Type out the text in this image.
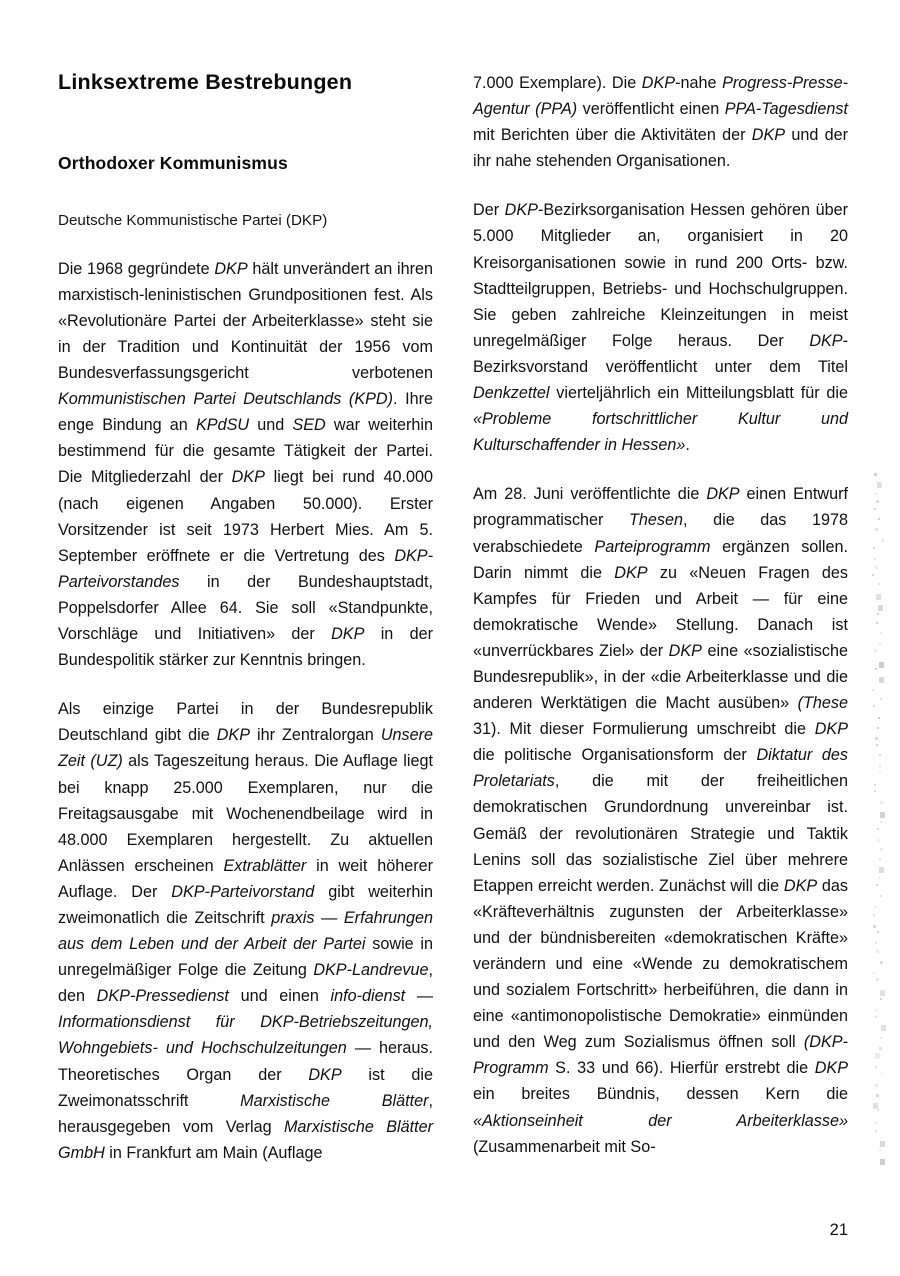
Linksextreme Bestrebungen
Orthodoxer Kommunismus
Deutsche Kommunistische Partei (DKP)

Die 1968 gegründete DKP hält unverändert an ihren marxistisch-leninistischen Grundpositionen fest. Als «Revolutionäre Partei der Arbeiterklasse» steht sie in der Tradition und Kontinuität der 1956 vom Bundesverfassungsgericht verbotenen Kommunistischen Partei Deutschlands (KPD). Ihre enge Bindung an KPdSU und SED war weiterhin bestimmend für die gesamte Tätigkeit der Partei. Die Mitgliederzahl der DKP liegt bei rund 40.000 (nach eigenen Angaben 50.000). Erster Vorsitzender ist seit 1973 Herbert Mies. Am 5. September eröffnete er die Vertretung des DKP-Parteivorstandes in der Bundeshauptstadt, Poppelsdorfer Allee 64. Sie soll «Standpunkte, Vorschläge und Initiativen» der DKP in der Bundespolitik stärker zur Kenntnis bringen.

Als einzige Partei in der Bundesrepublik Deutschland gibt die DKP ihr Zentralorgan Unsere Zeit (UZ) als Tageszeitung heraus. Die Auflage liegt bei knapp 25.000 Exemplaren, nur die Freitagsausgabe mit Wochenendbeilage wird in 48.000 Exemplaren hergestellt. Zu aktuellen Anlässen erscheinen Extrablätter in weit höherer Auflage. Der DKP-Parteivorstand gibt weiterhin zweimonatlich die Zeitschrift praxis — Erfahrungen aus dem Leben und der Arbeit der Partei sowie in unregelmäßiger Folge die Zeitung DKP-Landrevue, den DKP-Pressedienst und einen info-dienst — Informationsdienst für DKP-Betriebszeitungen, Wohngebiets- und Hochschulzeitungen — heraus. Theoretisches Organ der DKP ist die Zweimonatsschrift Marxistische Blätter, herausgegeben vom Verlag Marxistische Blätter GmbH in Frankfurt am Main (Auflage

7.000 Exemplare). Die DKP-nahe Progress-Presse-Agentur (PPA) veröffentlicht einen PPA-Tagesdienst mit Berichten über die Aktivitäten der DKP und der ihr nahe stehenden Organisationen.

Der DKP-Bezirksorganisation Hessen gehören über 5.000 Mitglieder an, organisiert in 20 Kreisorganisationen sowie in rund 200 Orts- bzw. Stadtteilgruppen, Betriebs- und Hochschulgruppen. Sie geben zahlreiche Kleinzeitungen in meist unregelmäßiger Folge heraus. Der DKP-Bezirksvorstand veröffentlicht unter dem Titel Denkzettel vierteljährlich ein Mitteilungsblatt für die «Probleme fortschrittlicher Kultur und Kulturschaffender in Hessen».

Am 28. Juni veröffentlichte die DKP einen Entwurf programmatischer Thesen, die das 1978 verabschiedete Parteiprogramm ergänzen sollen. Darin nimmt die DKP zu «Neuen Fragen des Kampfes für Frieden und Arbeit — für eine demokratische Wende» Stellung. Danach ist «unverrückbares Ziel» der DKP eine «sozialistische Bundesrepublik», in der «die Arbeiterklasse und die anderen Werktätigen die Macht ausüben» (These 31). Mit dieser Formulierung umschreibt die DKP die politische Organisationsform der Diktatur des Proletariats, die mit der freiheitlichen demokratischen Grundordnung unvereinbar ist. Gemäß der revolutionären Strategie und Taktik Lenins soll das sozialistische Ziel über mehrere Etappen erreicht werden. Zunächst will die DKP das «Kräfteverhältnis zugunsten der Arbeiterklasse» und der bündnisbereiten «demokratischen Kräfte» verändern und eine «Wende zu demokratischem und sozialem Fortschritt» herbeiführen, die dann in eine «antimonopolistische Demokratie» einmünden und den Weg zum Sozialismus öffnen soll (DKP-Programm S. 33 und 66). Hierfür erstrebt die DKP ein breites Bündnis, dessen Kern die «Aktionseinheit der Arbeiterklasse» (Zusammenarbeit mit So-

21
